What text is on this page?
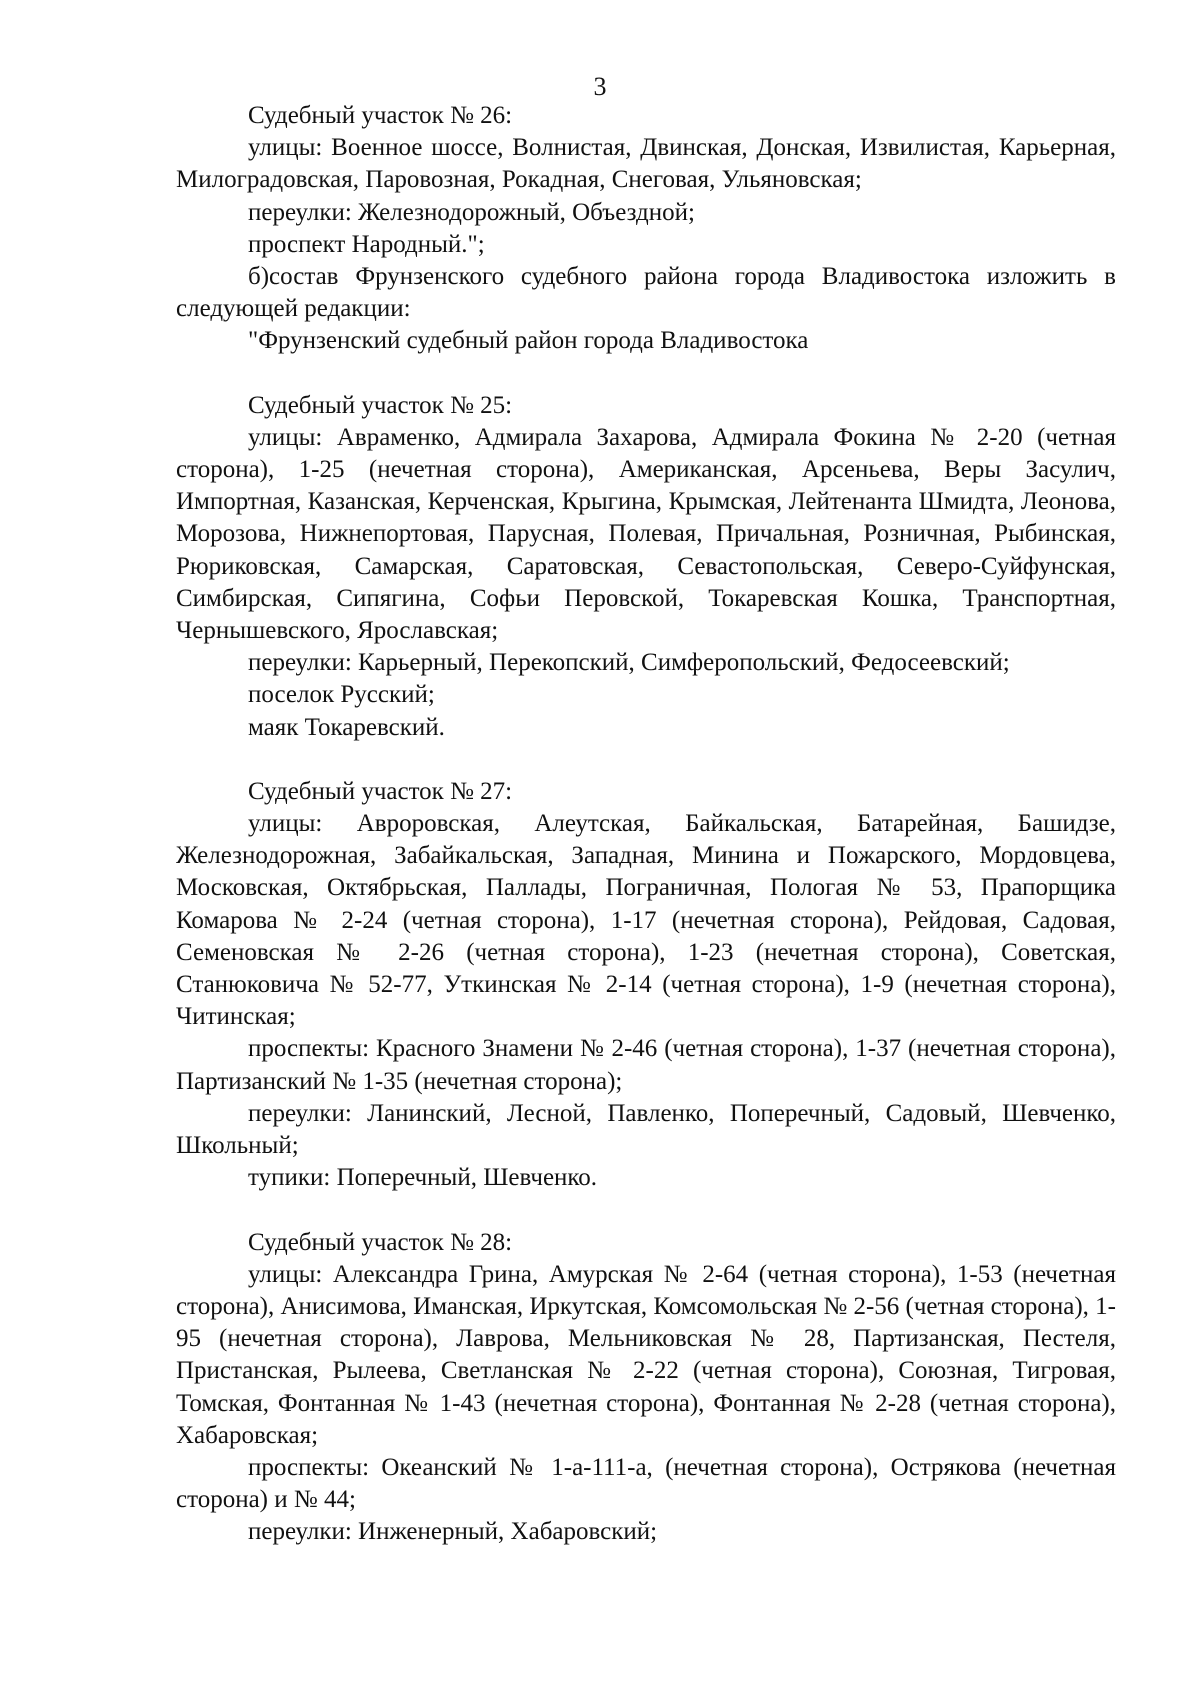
3

Судебный участок № 26:

улицы: Военное шоссе, Волнистая, Двинская, Донская, Извилистая, Карьерная, Милоградовская, Паровозная, Рокадная, Снеговая, Ульяновская;

переулки: Железнодорожный, Объездной;

проспект Народный.";

б)состав Фрунзенского судебного района города Владивостока изложить в следующей редакции:

"Фрунзенский судебный район города Владивостока

Судебный участок № 25:

улицы: Авраменко, Адмирала Захарова, Адмирала Фокина № 2-20 (четная сторона), 1-25 (нечетная сторона), Американская, Арсеньева, Веры Засулич, Импортная, Казанская, Керченская, Крыгина, Крымская, Лейтенанта Шмидта, Леонова, Морозова, Нижнепортовая, Парусная, Полевая, Причальная, Розничная, Рыбинская, Рюриковская, Самарская, Саратовская, Севастопольская, Северо-Суйфунская, Симбирская, Сипягина, Софьи Перовской, Токаревская Кошка, Транспортная, Чернышевского, Ярославская;

переулки: Карьерный, Перекопский, Симферопольский, Федосеевский;

поселок Русский;

маяк Токаревский.

Судебный участок № 27:

улицы: Авроровская, Алеутская, Байкальская, Батарейная, Башидзе, Железнодорожная, Забайкальская, Западная, Минина и Пожарского, Мордовцева, Московская, Октябрьская, Паллады, Пограничная, Пологая № 53, Прапорщика Комарова № 2-24 (четная сторона), 1-17 (нечетная сторона), Рейдовая, Садовая, Семеновская № 2-26 (четная сторона), 1-23 (нечетная сторона), Советская, Станюковича № 52-77, Уткинская № 2-14 (четная сторона), 1-9 (нечетная сторона), Читинская;

проспекты: Красного Знамени № 2-46 (четная сторона), 1-37 (нечетная сторона), Партизанский № 1-35 (нечетная сторона);

переулки: Ланинский, Лесной, Павленко, Поперечный, Садовый, Шевченко, Школьный;

тупики: Поперечный, Шевченко.

Судебный участок № 28:

улицы: Александра Грина, Амурская № 2-64 (четная сторона), 1-53 (нечетная сторона), Анисимова, Иманская, Иркутская, Комсомольская № 2-56 (четная сторона), 1-95 (нечетная сторона), Лаврова, Мельниковская № 28, Партизанская, Пестеля, Пристанская, Рылеева, Светланская № 2-22 (четная сторона), Союзная, Тигровая, Томская, Фонтанная № 1-43 (нечетная сторона), Фонтанная № 2-28 (четная сторона), Хабаровская;

проспекты: Океанский № 1-а-111-а, (нечетная сторона), Острякова (нечетная сторона) и № 44;

переулки: Инженерный, Хабаровский;
